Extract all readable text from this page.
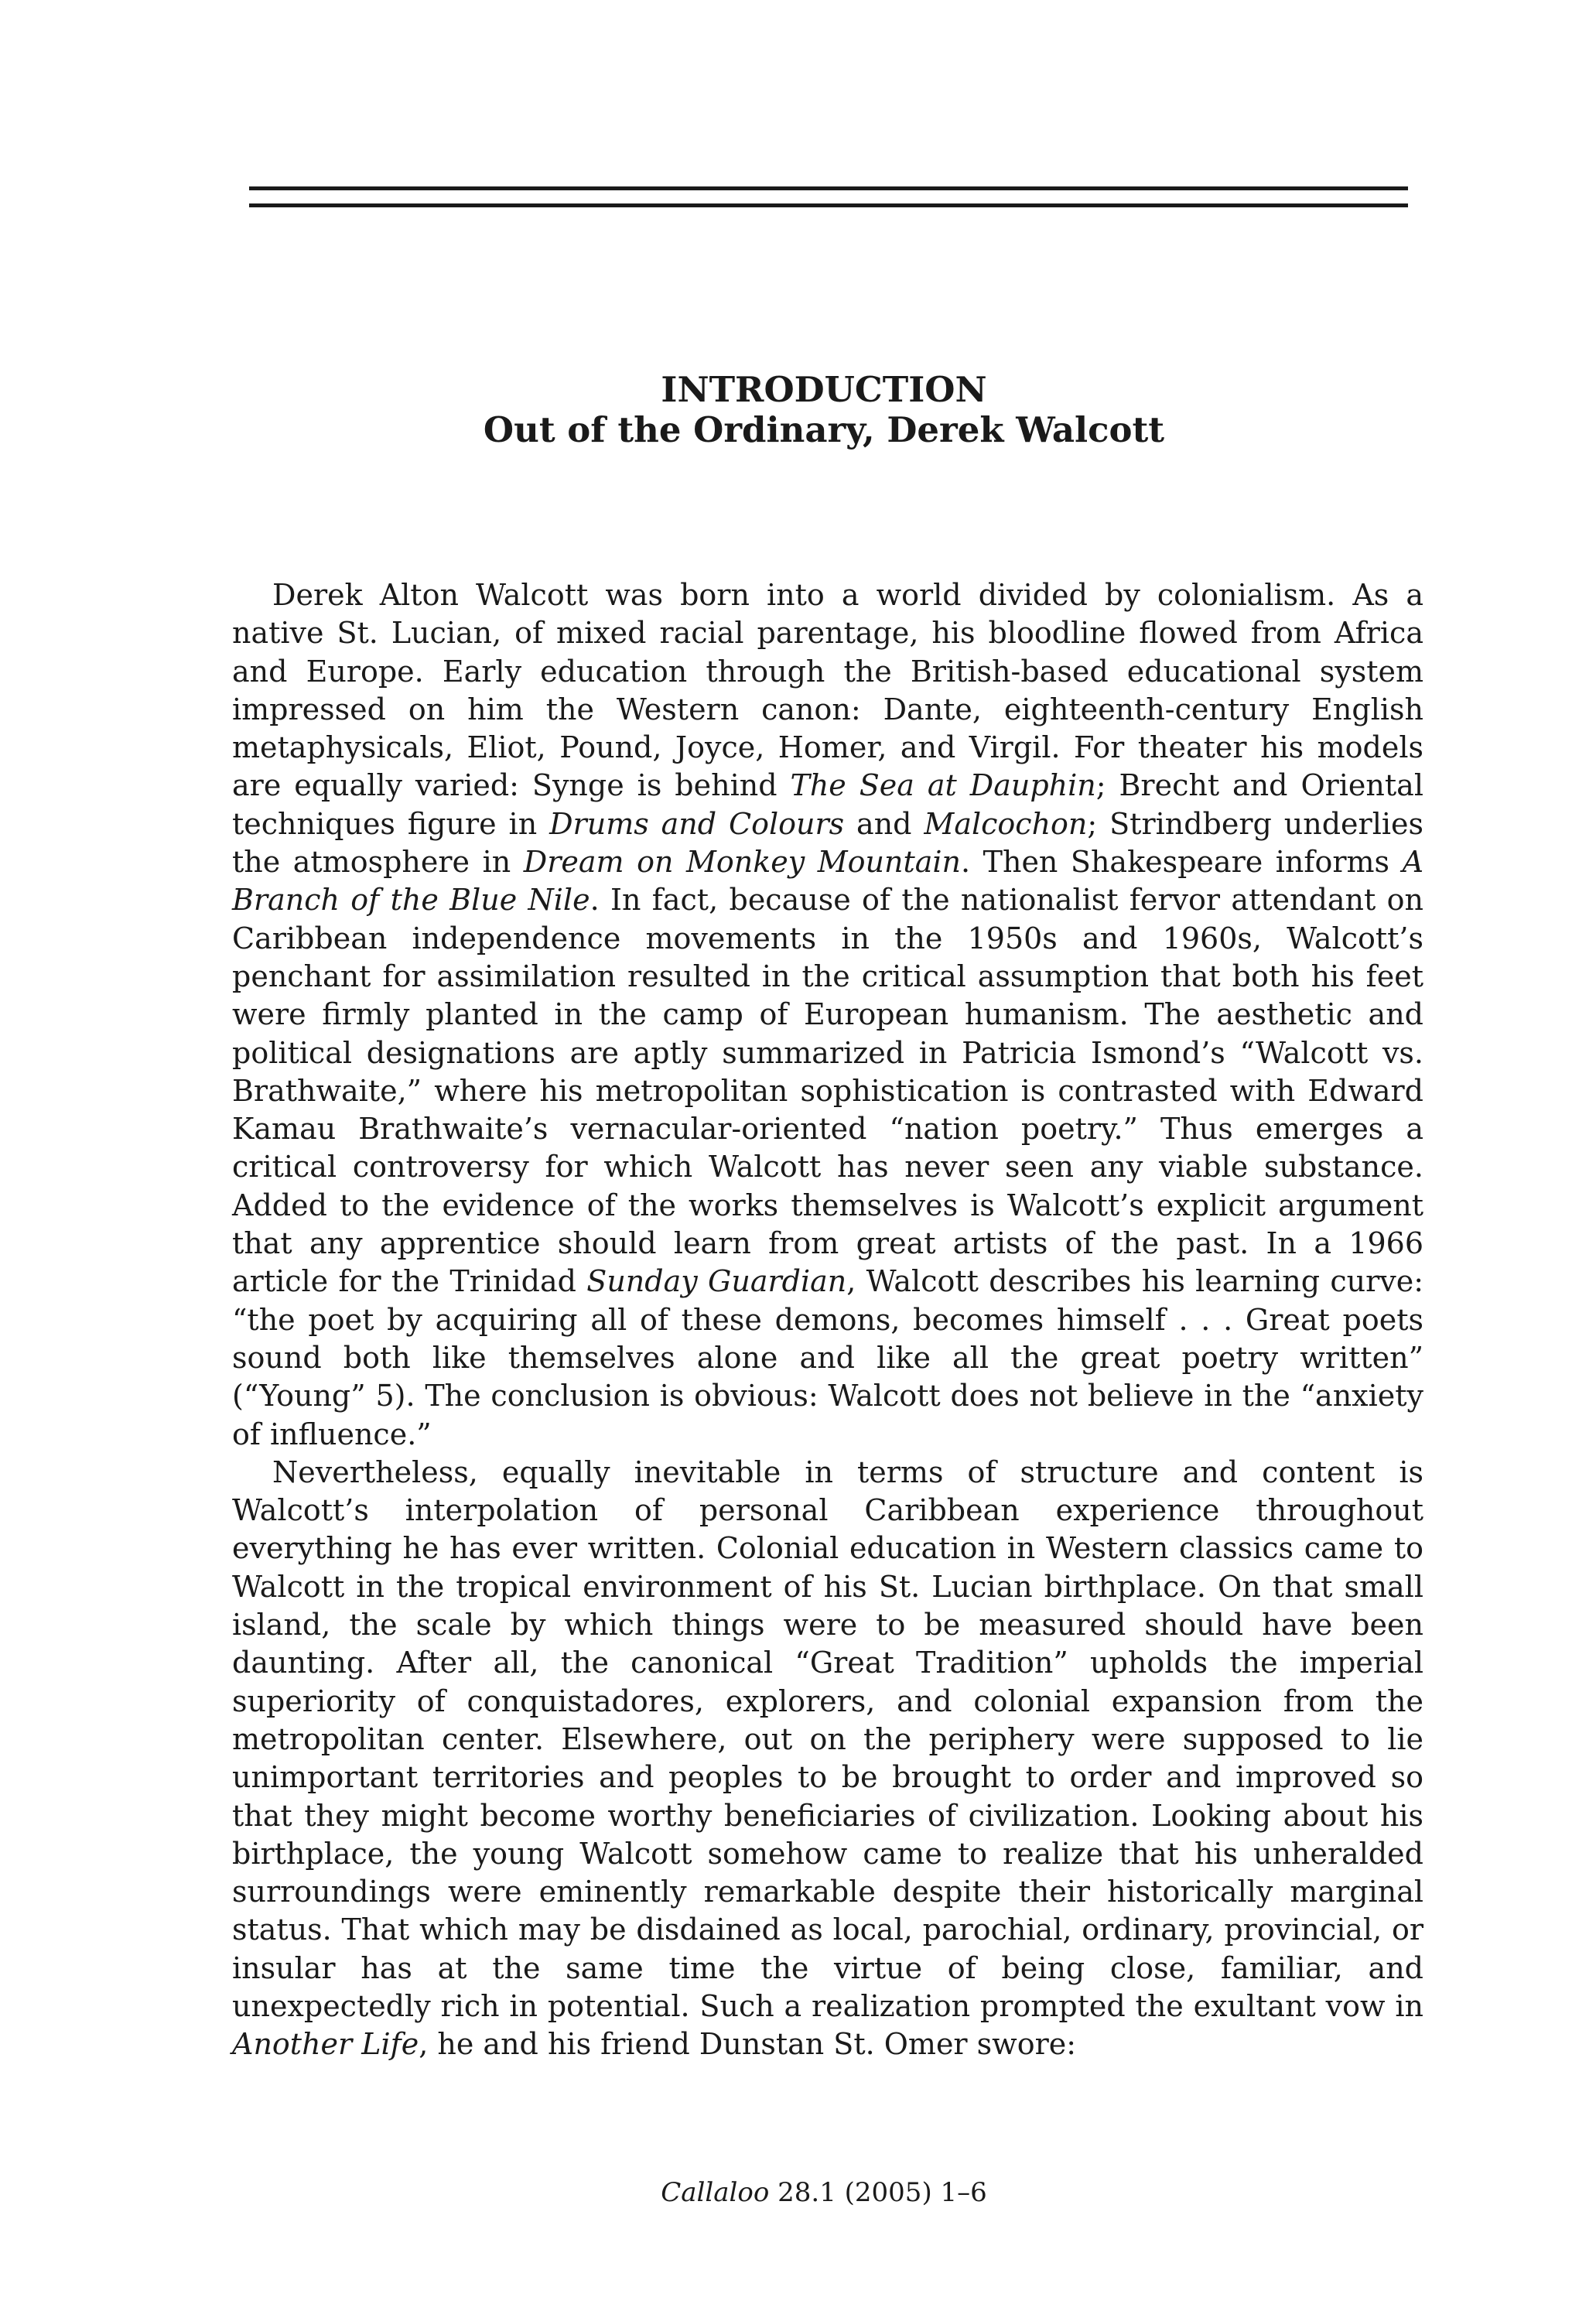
INTRODUCTION
Out of the Ordinary, Derek Walcott

Derek Alton Walcott was born into a world divided by colonialism. As a native St. Lucian, of mixed racial parentage, his bloodline flowed from Africa and Europe. Early education through the British-based educational system impressed on him the Western canon: Dante, eighteenth-century English metaphysicals, Eliot, Pound, Joyce, Homer, and Virgil. For theater his models are equally varied: Synge is behind The Sea at Dauphin; Brecht and Oriental techniques figure in Drums and Colours and Malcochon; Strindberg underlies the atmosphere in Dream on Monkey Mountain. Then Shakespeare informs A Branch of the Blue Nile. In fact, because of the nationalist fervor attendant on Caribbean independence movements in the 1950s and 1960s, Walcott’s penchant for assimilation resulted in the critical assumption that both his feet were firmly planted in the camp of European humanism. The aesthetic and political designations are aptly summarized in Patricia Ismond’s “Walcott vs. Brathwaite,” where his metropolitan sophistication is contrasted with Edward Kamau Brathwaite’s vernacular-oriented “nation poetry.” Thus emerges a critical controversy for which Walcott has never seen any viable substance. Added to the evidence of the works themselves is Walcott’s explicit argument that any apprentice should learn from great artists of the past. In a 1966 article for the Trinidad Sunday Guardian, Walcott describes his learning curve: “the poet by acquiring all of these demons, becomes himself . . . Great poets sound both like themselves alone and like all the great poetry written” (“Young” 5). The conclusion is obvious: Walcott does not believe in the “anxiety of influence.”

Nevertheless, equally inevitable in terms of structure and content is Walcott’s interpolation of personal Caribbean experience throughout everything he has ever written. Colonial education in Western classics came to Walcott in the tropical environment of his St. Lucian birthplace. On that small island, the scale by which things were to be measured should have been daunting. After all, the canonical “Great Tradition” upholds the imperial superiority of conquistadores, explorers, and colonial expansion from the metropolitan center. Elsewhere, out on the periphery were supposed to lie unimportant territories and peoples to be brought to order and improved so that they might become worthy beneficiaries of civilization. Looking about his birthplace, the young Walcott somehow came to realize that his unheralded surroundings were eminently remarkable despite their historically marginal status. That which may be disdained as local, parochial, ordinary, provincial, or insular has at the same time the virtue of being close, familiar, and unexpectedly rich in potential. Such a realization prompted the exultant vow in Another Life, he and his friend Dunstan St. Omer swore:

Callaloo 28.1 (2005) 1–6
